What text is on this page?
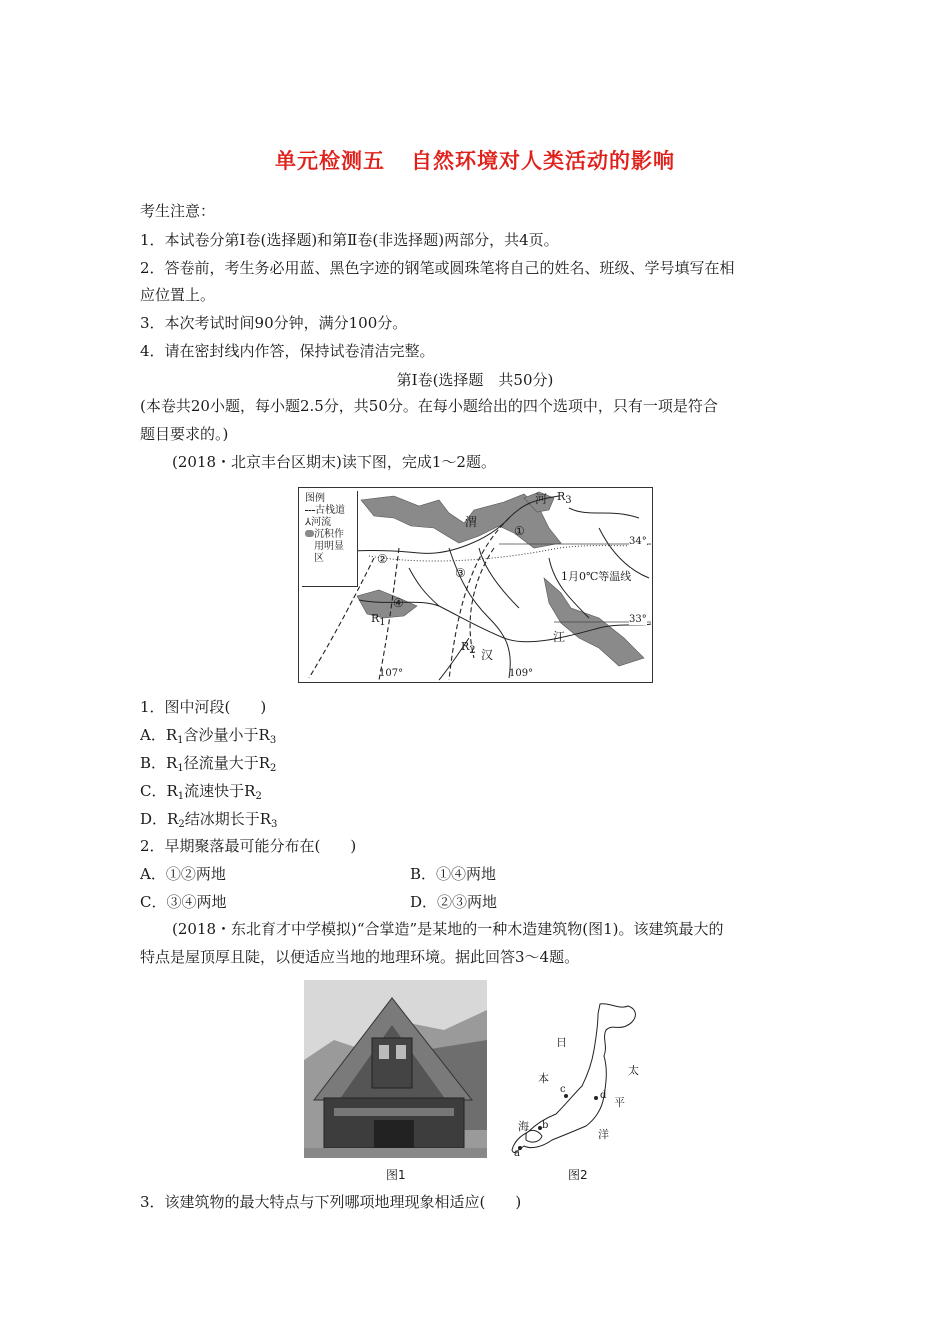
单元检测五 自然环境对人类活动的影响
考生注意：
1．本试卷分第Ⅰ卷(选择题)和第Ⅱ卷(非选择题)两部分，共4页。
2．答卷前，考生务必用蓝、黑色字迹的钢笔或圆珠笔将自己的姓名、班级、学号填写在相
应位置上。
3．本次考试时间90分钟，满分100分。
4．请在密封线内作答，保持试卷清洁完整。
第Ⅰ卷(选择题　共50分)
(本卷共20小题，每小题2.5分，共50分。在每小题给出的四个选项中，只有一项是符合
题目要求的。)
(2018・北京丰台区期末)读下图，完成1～2题。
图例
古栈道
⅄河流
沉积作
用明显
区
渭
河 R3
①
②
③
④
R1
R2 汉
江
1月0℃等温线
34°
33°
107°	109°
1．图中河段(　　)
A．$R_1$含沙量小于$R_3$
B．$R_1$径流量大于$R_2$
C．$R_1$流速快于$R_2$
D．$R_2$结冰期长于$R_3$
2．早期聚落最可能分布在(　　)
A．①②两地	B．①④两地
C．③④两地	D．②③两地
(2018・东北育才中学模拟)“合掌造”是某地的一种木造建筑物(图1)。该建筑最大的
特点是屋顶厚且陡，以便适应当地的地理环境。据此回答3～4题。
日
本
海
太
平
洋
a
b
c
d
图1	图2
3．该建筑物的最大特点与下列哪项地理现象相适应(　　)
